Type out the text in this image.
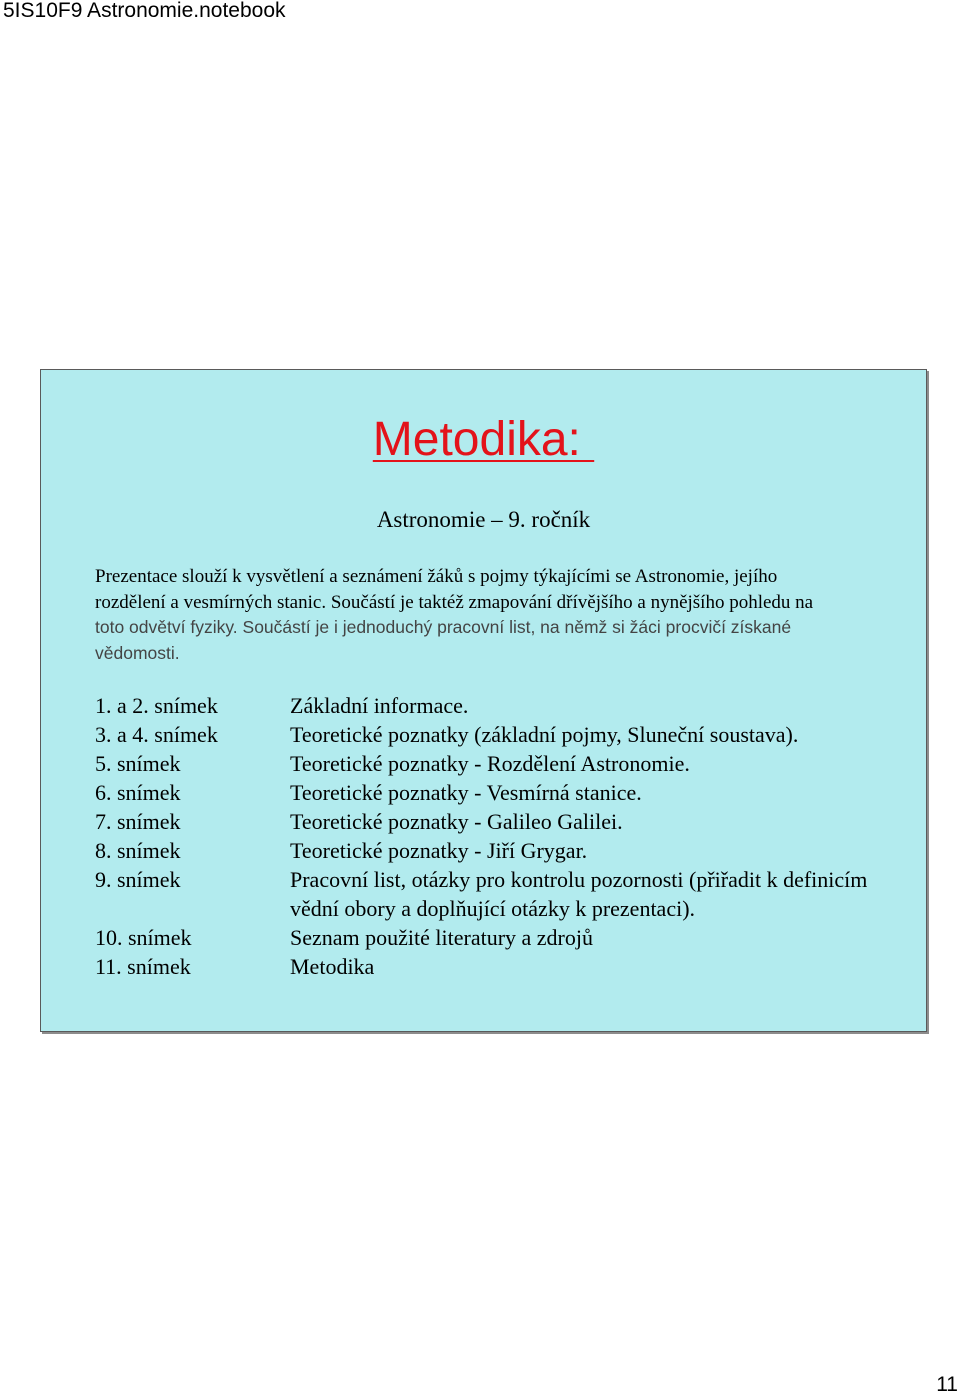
5IS10F9 Astronomie.notebook
Metodika:
Astronomie – 9. ročník

Prezentace slouží k vysvětlení a seznámení žáků s pojmy týkajícími se Astronomie, jejího
rozdělení a vesmírných stanic. Součástí je taktéž zmapování dřívějšího a nynějšího pohledu na
toto odvětví fyziky. Součástí je i jednoduchý pracovní list, na němž si žáci procvičí získané
vědomosti.

1. a 2. snímek	Základní informace.
3. a 4. snímek	Teoretické poznatky (základní pojmy, Sluneční soustava).
5. snímek	Teoretické poznatky - Rozdělení Astronomie.
6. snímek	Teoretické poznatky - Vesmírná stanice.
7. snímek	Teoretické poznatky - Galileo Galilei.
8. snímek	Teoretické poznatky - Jiří Grygar.
9. snímek	Pracovní list, otázky pro kontrolu pozornosti (přiřadit k definicím
vědní obory a doplňující otázky k prezentaci).
10. snímek	Seznam použité literatury a zdrojů
11. snímek	Metodika
11
